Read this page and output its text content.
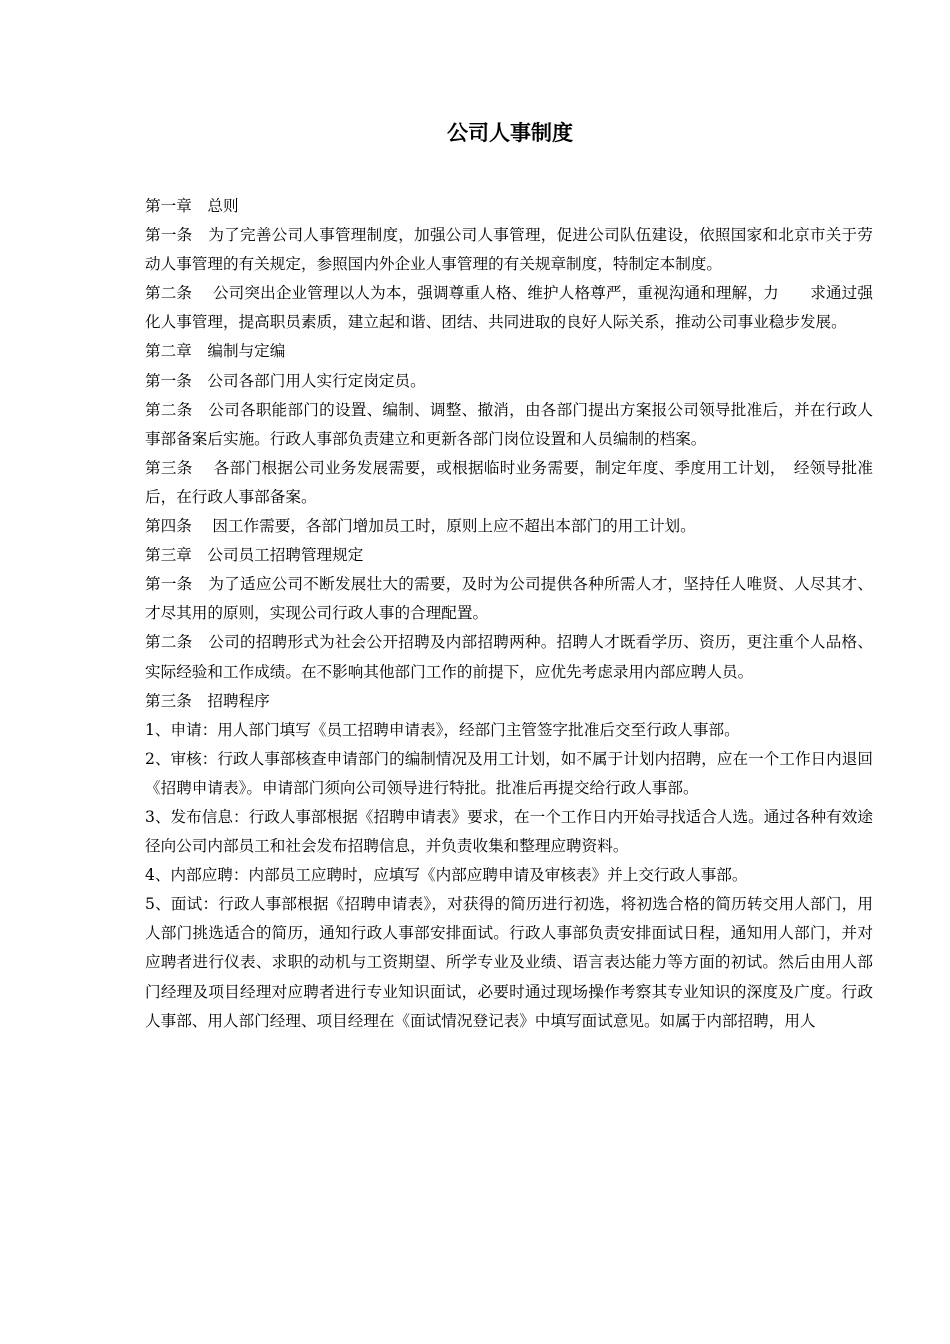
公司人事制度

第一章　总则

第一条　为了完善公司人事管理制度，加强公司人事管理，促进公司队伍建设，依照国家和北京市关于劳动人事管理的有关规定，参照国内外企业人事管理的有关规章制度，特制定本制度。

第二条　 公司突出企业管理以人为本，强调尊重人格、维护人格尊严，重视沟通和理解，力　　求通过强化人事管理，提高职员素质，建立起和谐、团结、共同进取的良好人际关系，推动公司事业稳步发展。

第二章　编制与定编

第一条　公司各部门用人实行定岗定员。

第二条　公司各职能部门的设置、编制、调整、撤消，由各部门提出方案报公司领导批准后，并在行政人事部备案后实施。行政人事部负责建立和更新各部门岗位设置和人员编制的档案。

第三条　 各部门根据公司业务发展需要，或根据临时业务需要，制定年度、季度用工计划，　经领导批准后，在行政人事部备案。

第四条　 因工作需要，各部门增加员工时，原则上应不超出本部门的用工计划。

第三章　公司员工招聘管理规定

第一条　为了适应公司不断发展壮大的需要，及时为公司提供各种所需人才，坚持任人唯贤、人尽其才、才尽其用的原则，实现公司行政人事的合理配置。

第二条　公司的招聘形式为社会公开招聘及内部招聘两种。招聘人才既看学历、资历，更注重个人品格、实际经验和工作成绩。在不影响其他部门工作的前提下，应优先考虑录用内部应聘人员。

第三条　招聘程序

1、申请：用人部门填写《员工招聘申请表》，经部门主管签字批准后交至行政人事部。

2、审核：行政人事部核查申请部门的编制情况及用工计划，如不属于计划内招聘，应在一个工作日内退回《招聘申请表》。申请部门须向公司领导进行特批。批准后再提交给行政人事部。

3、发布信息：行政人事部根据《招聘申请表》要求，在一个工作日内开始寻找适合人选。通过各种有效途径向公司内部员工和社会发布招聘信息，并负责收集和整理应聘资料。

4、内部应聘：内部员工应聘时，应填写《内部应聘申请及审核表》并上交行政人事部。

5、面试：行政人事部根据《招聘申请表》，对获得的简历进行初选，将初选合格的简历转交用人部门，用人部门挑选适合的简历，通知行政人事部安排面试。行政人事部负责安排面试日程，通知用人部门，并对应聘者进行仪表、求职的动机与工资期望、所学专业及业绩、语言表达能力等方面的初试。然后由用人部门经理及项目经理对应聘者进行专业知识面试，必要时通过现场操作考察其专业知识的深度及广度。行政人事部、用人部门经理、项目经理在《面试情况登记表》中填写面试意见。如属于内部招聘，用人
